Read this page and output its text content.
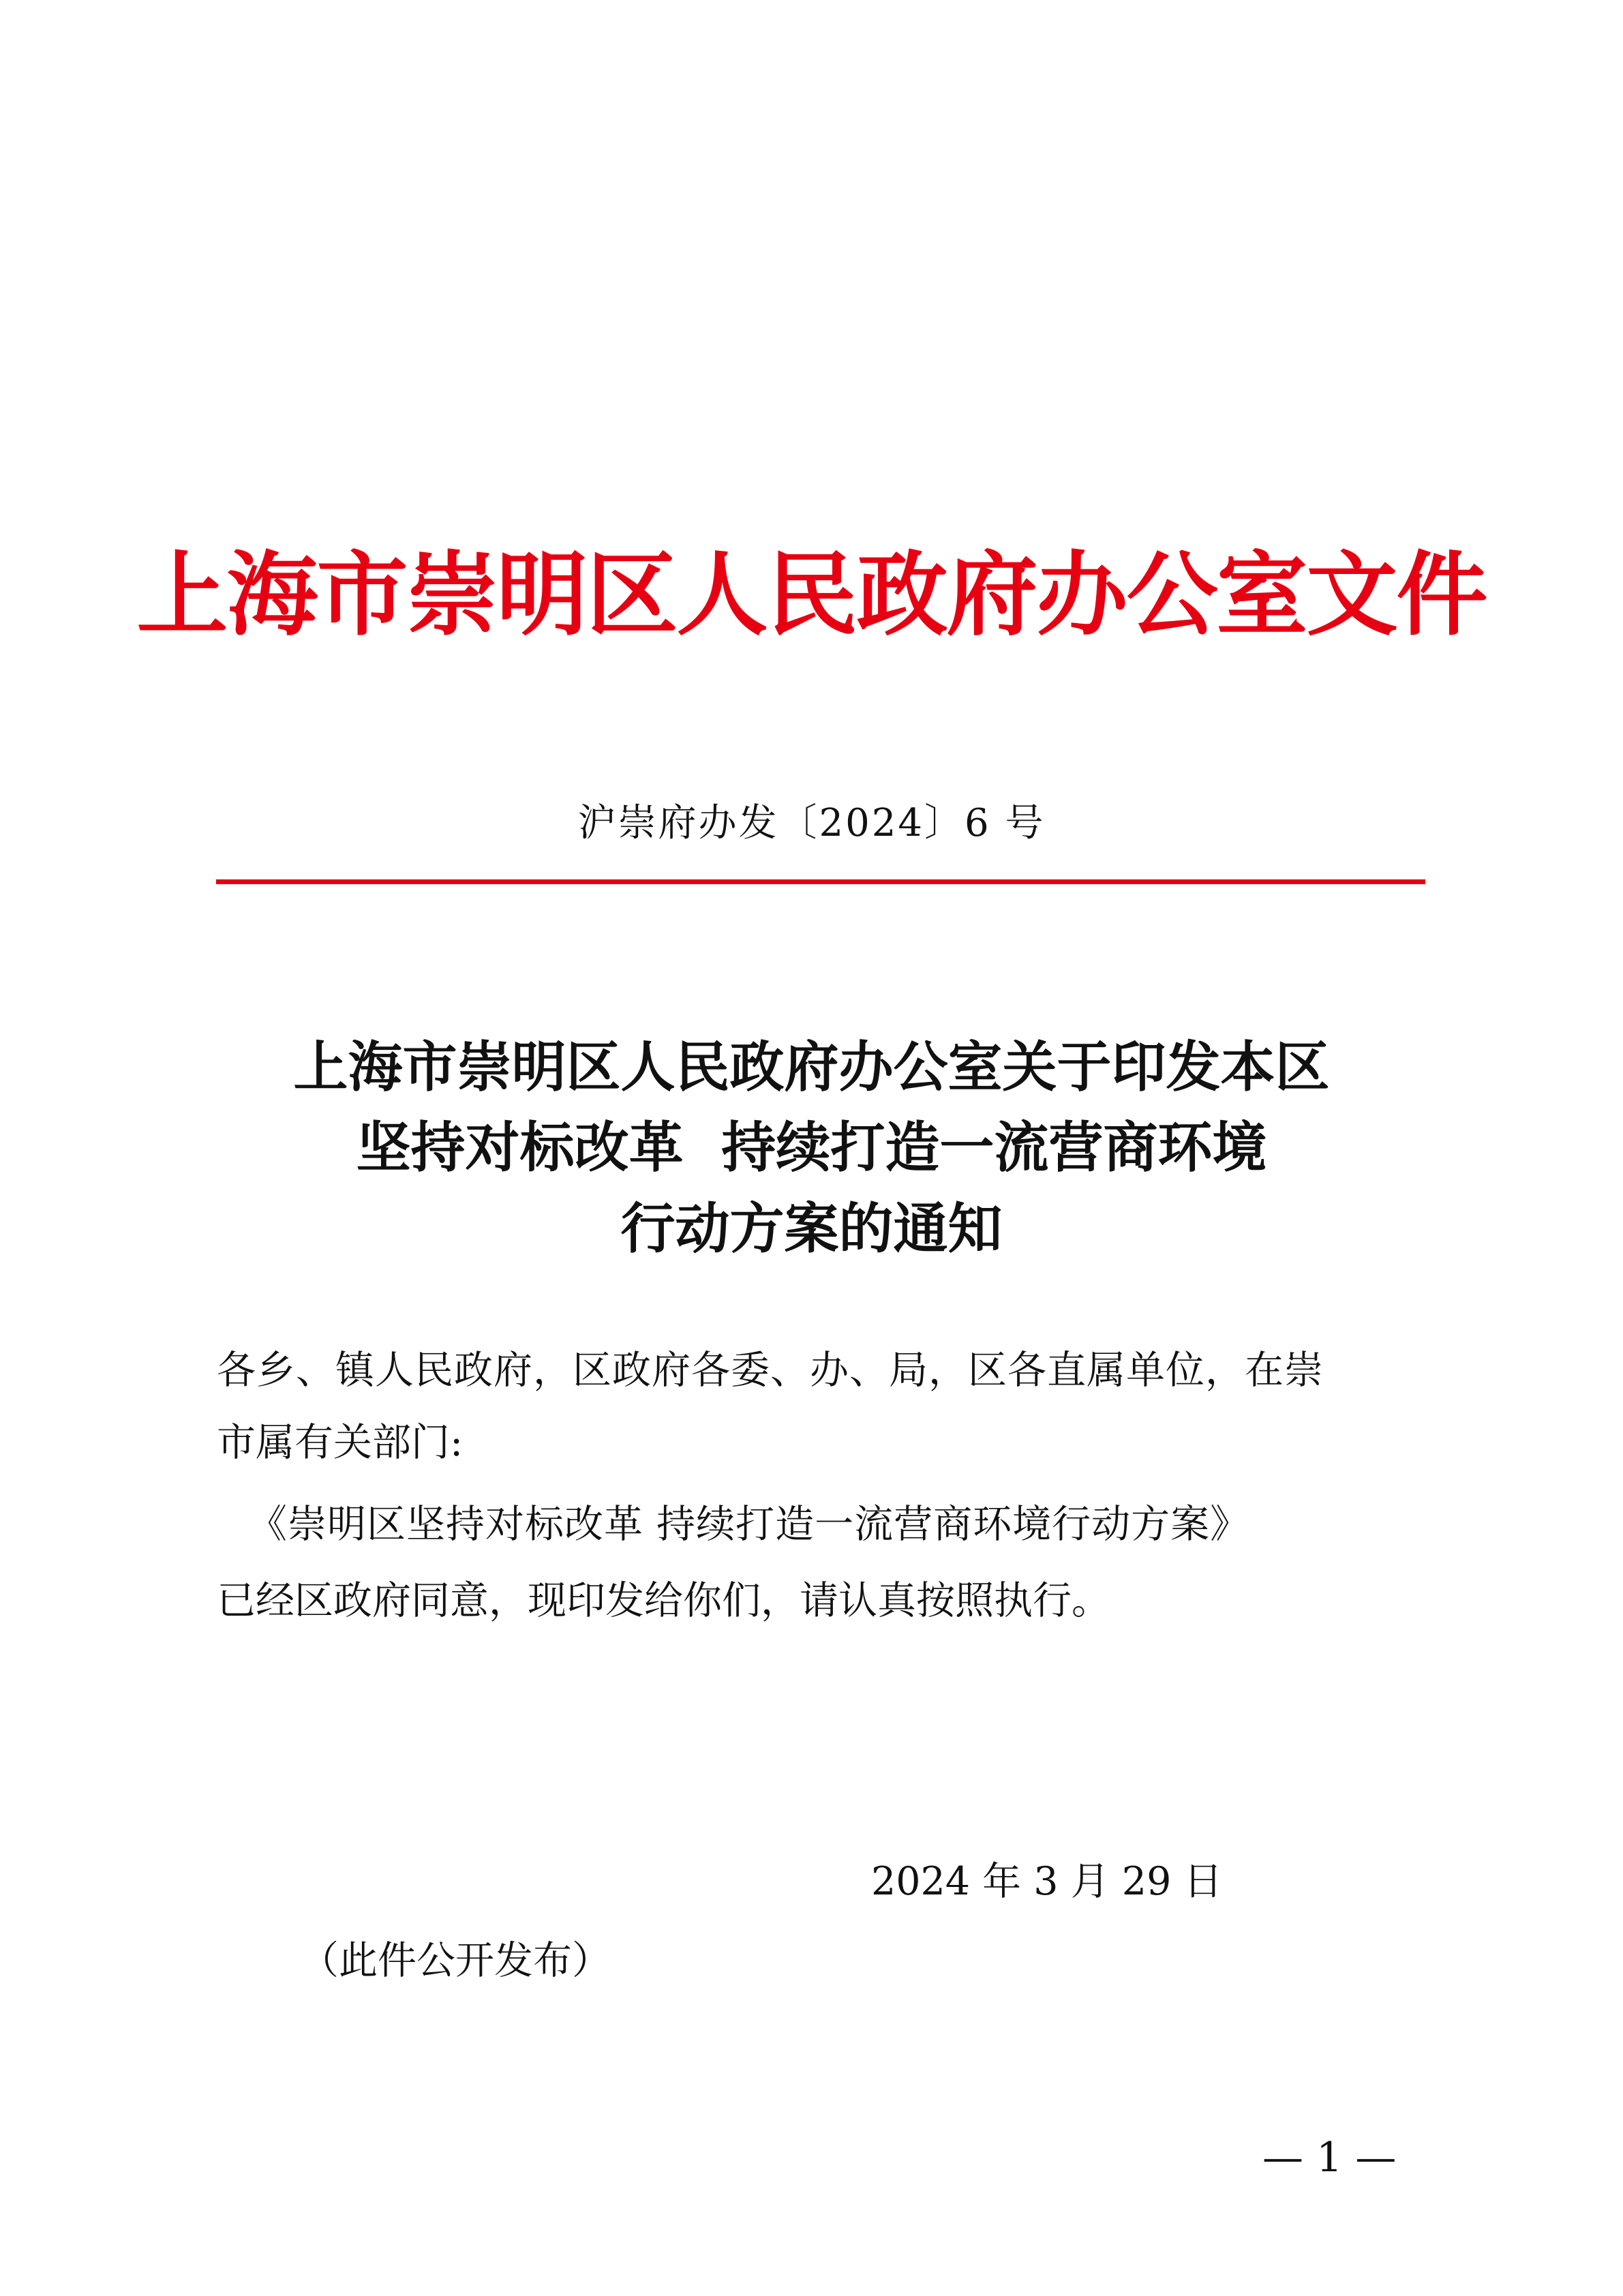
上海市崇明区人民政府办公室文件
沪崇府办发〔2024〕6 号
上海市崇明区人民政府办公室关于印发本区
坚持对标改革  持续打造一流营商环境
行动方案的通知
各乡、镇人民政府，区政府各委、办、局，区各直属单位，在崇
市属有关部门:
《崇明区坚持对标改革 持续打造一流营商环境行动方案》
已经区政府同意，现印发给你们，请认真按照执行。
2024 年 3 月 29 日
（此件公开发布）
— 1 —
